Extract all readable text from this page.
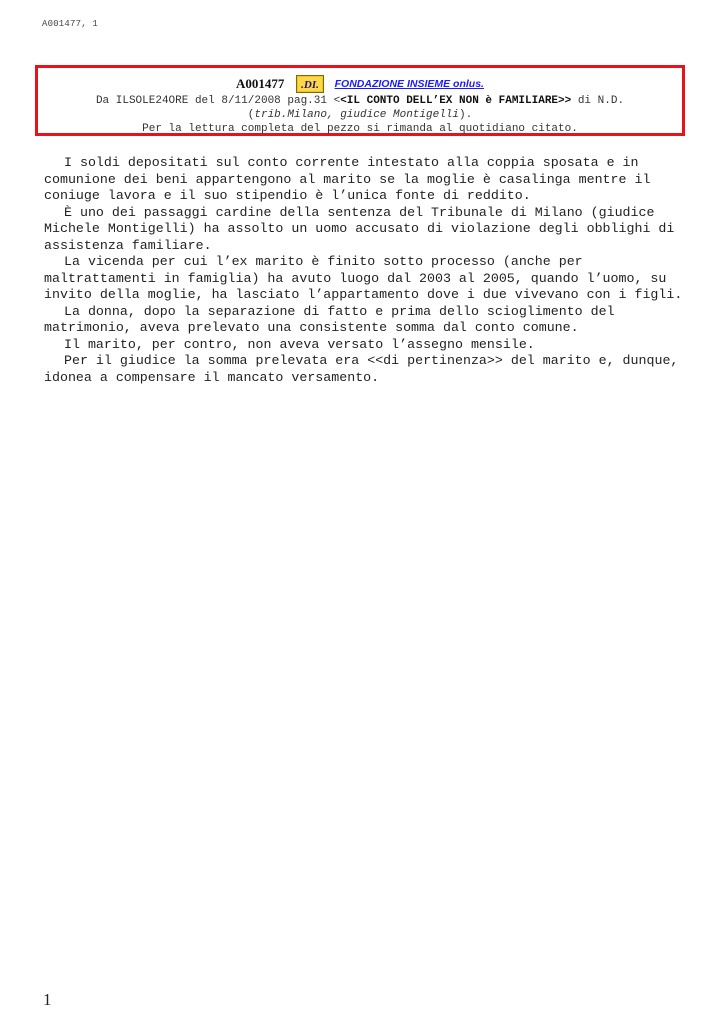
A001477, 1
A001477 .DI. FONDAZIONE INSIEME onlus.
Da ILSOLE24ORE del 8/11/2008 pag.31 <<IL CONTO DELL’EX NON è FAMILIARE>> di N.D.
(trib.Milano, giudice Montigelli).
Per la lettura completa del pezzo si rimanda al quotidiano citato.

I soldi depositati sul conto corrente intestato alla coppia sposata e in comunione dei beni appartengono al marito se la moglie è casalinga mentre il coniuge lavora e il suo stipendio è l’unica fonte di reddito.

È uno dei passaggi cardine della sentenza del Tribunale di Milano (giudice Michele Montigelli) ha assolto un uomo accusato di violazione degli obblighi di assistenza familiare.

La vicenda per cui l’ex marito è finito sotto processo (anche per maltrattamenti in famiglia) ha avuto luogo dal 2003 al 2005, quando l’uomo, su invito della moglie, ha lasciato l’appartamento dove i due vivevano con i figli.

La donna, dopo la separazione di fatto e prima dello scioglimento del matrimonio, aveva prelevato una consistente somma dal conto comune.

Il marito, per contro, non aveva versato l’assegno mensile.

Per il giudice la somma prelevata era <<di pertinenza>> del marito e, dunque, idonea a compensare il mancato versamento.

1
